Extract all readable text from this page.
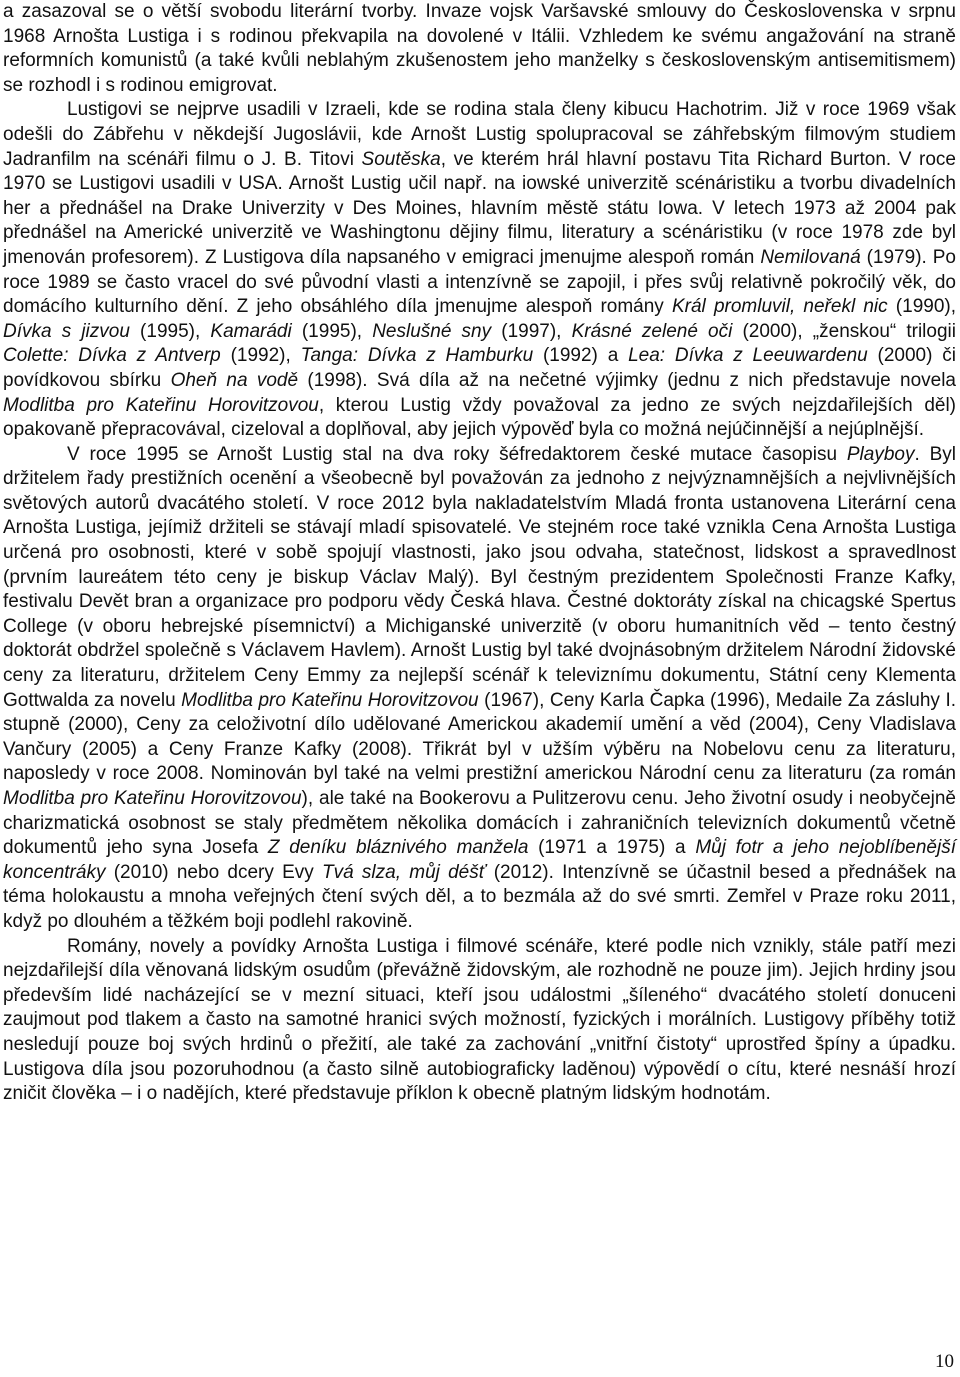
a zasazoval se o větší svobodu literární tvorby. Invaze vojsk Varšavské smlouvy do Československa v srpnu 1968 Arnošta Lustiga i s rodinou překvapila na dovolené v Itálii. Vzhledem ke svému angažování na straně reformních komunistů (a také kvůli neblahým zkušenostem jeho manželky s československým antisemitismem) se rozhodl i s rodinou emigrovat.

Lustigovi se nejprve usadili v Izraeli, kde se rodina stala členy kibucu Hachotrim. Již v roce 1969 však odešli do Zábřehu v někdejší Jugoslávii, kde Arnošt Lustig spolupracoval se záhřebským filmovým studiem Jadranfilm na scénáři filmu o J. B. Titovi Soutěska, ve kterém hrál hlavní postavu Tita Richard Burton. V roce 1970 se Lustigovi usadili v USA. Arnošt Lustig učil např. na iowské univerzitě scénáristiku a tvorbu divadelních her a přednášel na Drake Univerzity v Des Moines, hlavním městě státu Iowa. V letech 1973 až 2004 pak přednášel na Americké univerzitě ve Washingtonu dějiny filmu, literatury a scénáristiku (v roce 1978 zde byl jmenován profesorem). Z Lustigova díla napsaného v emigraci jmenujme alespoň román Nemilovaná (1979). Po roce 1989 se často vracel do své původní vlasti a intenzívně se zapojil, i přes svůj relativně pokročilý věk, do domácího kulturního dění. Z jeho obsáhlého díla jmenujme alespoň romány Král promluvil, neřekl nic (1990), Dívka s jizvou (1995), Kamarádi (1995), Neslušné sny (1997), Krásné zelené oči (2000), „ženskou“ trilogii Colette: Dívka z Antverp (1992), Tanga: Dívka z Hamburku (1992) a Lea: Dívka z Leeuwardenu (2000) či povídkovou sbírku Oheň na vodě (1998). Svá díla až na nečetné výjimky (jednu z nich představuje novela Modlitba pro Kateřinu Horovitzovou, kterou Lustig vždy považoval za jedno ze svých nejzdařilejších děl) opakovaně přepracovával, cizeloval a doplňoval, aby jejich výpověď byla co možná nejúčinnější a nejúplnější.

V roce 1995 se Arnošt Lustig stal na dva roky šéfredaktorem české mutace časopisu Playboy. Byl držitelem řady prestižních ocenění a všeobecně byl považován za jednoho z nejvýznamnějších a nejvlivnějších světových autorů dvacátého století. V roce 2012 byla nakladatelstvím Mladá fronta ustanovena Literární cena Arnošta Lustiga, jejímiž držiteli se stávají mladí spisovatelé. Ve stejném roce také vznikla Cena Arnošta Lustiga určená pro osobnosti, které v sobě spojují vlastnosti, jako jsou odvaha, statečnost, lidskost a spravedlnost (prvním laureátem této ceny je biskup Václav Malý). Byl čestným prezidentem Společnosti Franze Kafky, festivalu Devět bran a organizace pro podporu vědy Česká hlava. Čestné doktoráty získal na chicagské Spertus College (v oboru hebrejské písemnictví) a Michiganské univerzitě (v oboru humanitních věd – tento čestný doktorát obdržel společně s Václavem Havlem). Arnošt Lustig byl také dvojnásobným držitelem Národní židovské ceny za literaturu, držitelem Ceny Emmy za nejlepší scénář k televiznímu dokumentu, Státní ceny Klementa Gottwalda za novelu Modlitba pro Kateřinu Horovitzovou (1967), Ceny Karla Čapka (1996), Medaile Za zásluhy I. stupně (2000), Ceny za celoživotní dílo udělované Americkou akademií umění a věd (2004), Ceny Vladislava Vančury (2005) a Ceny Franze Kafky (2008). Třikrát byl v užším výběru na Nobelovu cenu za literaturu, naposledy v roce 2008. Nominován byl také na velmi prestižní americkou Národní cenu za literaturu (za román Modlitba pro Kateřinu Horovitzovou), ale také na Bookerovu a Pulitzerovu cenu. Jeho životní osudy i neobyčejně charizmatická osobnost se staly předmětem několika domácích i zahraničních televizních dokumentů včetně dokumentů jeho syna Josefa Z deníku bláznivého manžela (1971 a 1975) a Můj fotr a jeho nejoblíbenější koncentráky (2010) nebo dcery Evy Tvá slza, můj déšť (2012). Intenzívně se účastnil besed a přednášek na téma holokaustu a mnoha veřejných čtení svých děl, a to bezmála až do své smrti. Zemřel v Praze roku 2011, když po dlouhém a těžkém boji podlehl rakovině.

Romány, novely a povídky Arnošta Lustiga i filmové scénáře, které podle nich vznikly, stále patří mezi nejzdařilejší díla věnovaná lidským osudům (převážně židovským, ale rozhodně ne pouze jim). Jejich hrdiny jsou především lidé nacházející se v mezní situaci, kteří jsou událostmi „šíleného“ dvacátého století donuceni zaujmout pod tlakem a často na samotné hranici svých možností, fyzických i morálních. Lustigovy příběhy totiž nesledují pouze boj svých hrdinů o přežití, ale také za zachování „vnitřní čistoty“ uprostřed špíny a úpadku. Lustigova díla jsou pozoruhodnou (a často silně autobiograficky laděnou) výpovědí o cítu, které nesnáší hrozí zničit člověka – i o nadějích, které představuje příklon k obecně platným lidským hodnotám.

10
